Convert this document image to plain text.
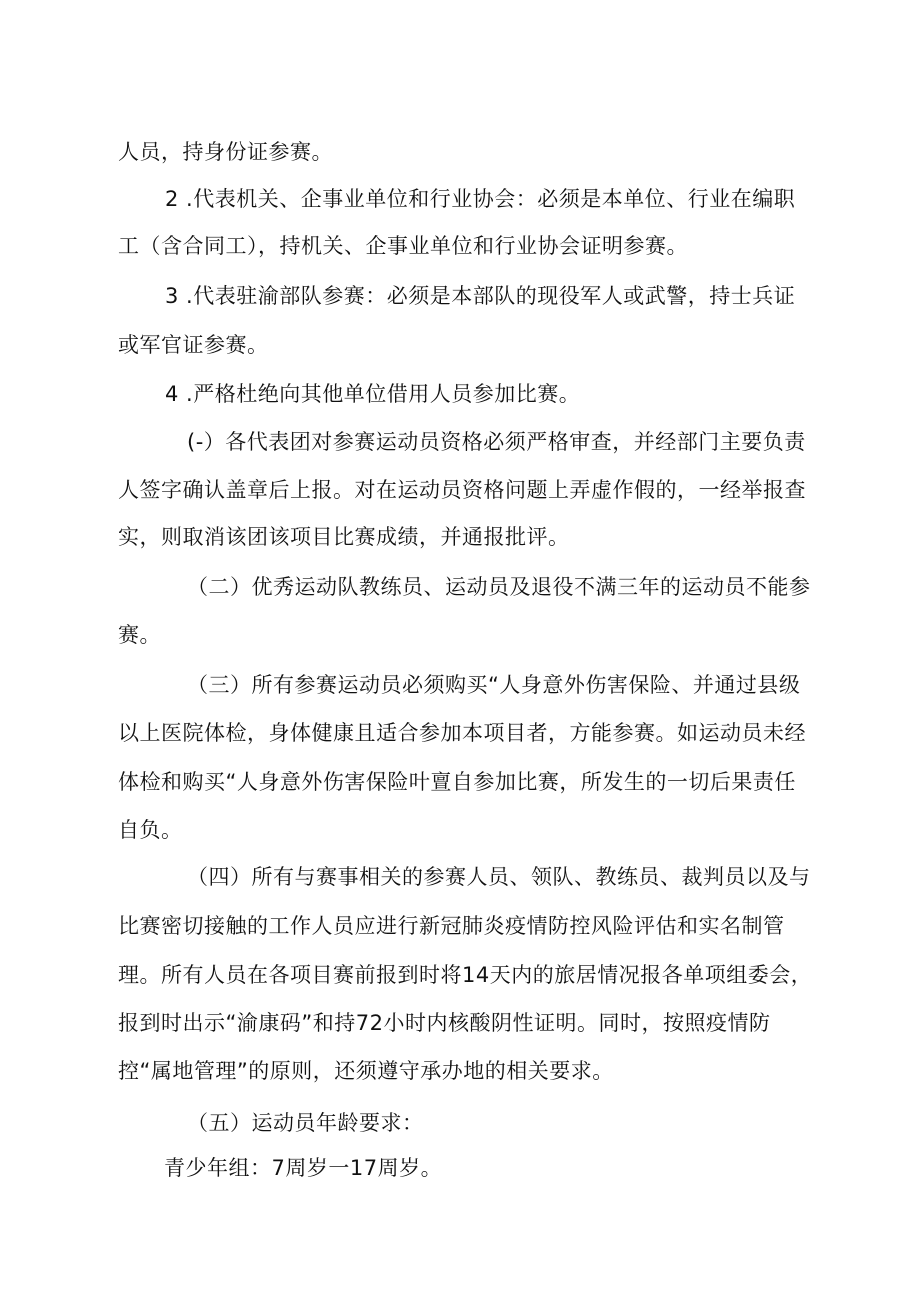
人员，持身份证参赛。

2 .代表机关、企事业单位和行业协会：必须是本单位、行业在编职

工（含合同工），持机关、企事业单位和行业协会证明参赛。

3 .代表驻渝部队参赛：必须是本部队的现役军人或武警，持士兵证

或军官证参赛。

4 .严格杜绝向其他单位借用人员参加比赛。

(-）各代表团对参赛运动员资格必须严格审查，并经部门主要负责

人签字确认盖章后上报。对在运动员资格问题上弄虚作假的，一经举报查

实，则取消该团该项目比赛成绩，并通报批评。

（二）优秀运动队教练员、运动员及退役不满三年的运动员不能参

赛。

（三）所有参赛运动员必须购买“人身意外伤害保险、并通过县级

以上医院体检，身体健康且适合参加本项目者，方能参赛。如运动员未经

体检和购买“人身意外伤害保险叶亶自参加比赛，所发生的一切后果责任

自负。

（四）所有与赛事相关的参赛人员、领队、教练员、裁判员以及与

比赛密切接触的工作人员应进行新冠肺炎疫情防控风险评估和实名制管

理。所有人员在各项目赛前报到时将14天内的旅居情况报各单项组委会，

报到时出示“渝康码”和持72小时内核酸阴性证明。同时，按照疫情防

控“属地管理”的原则，还须遵守承办地的相关要求。

（五）运动员年龄要求：

青少年组：7周岁一17周岁。
